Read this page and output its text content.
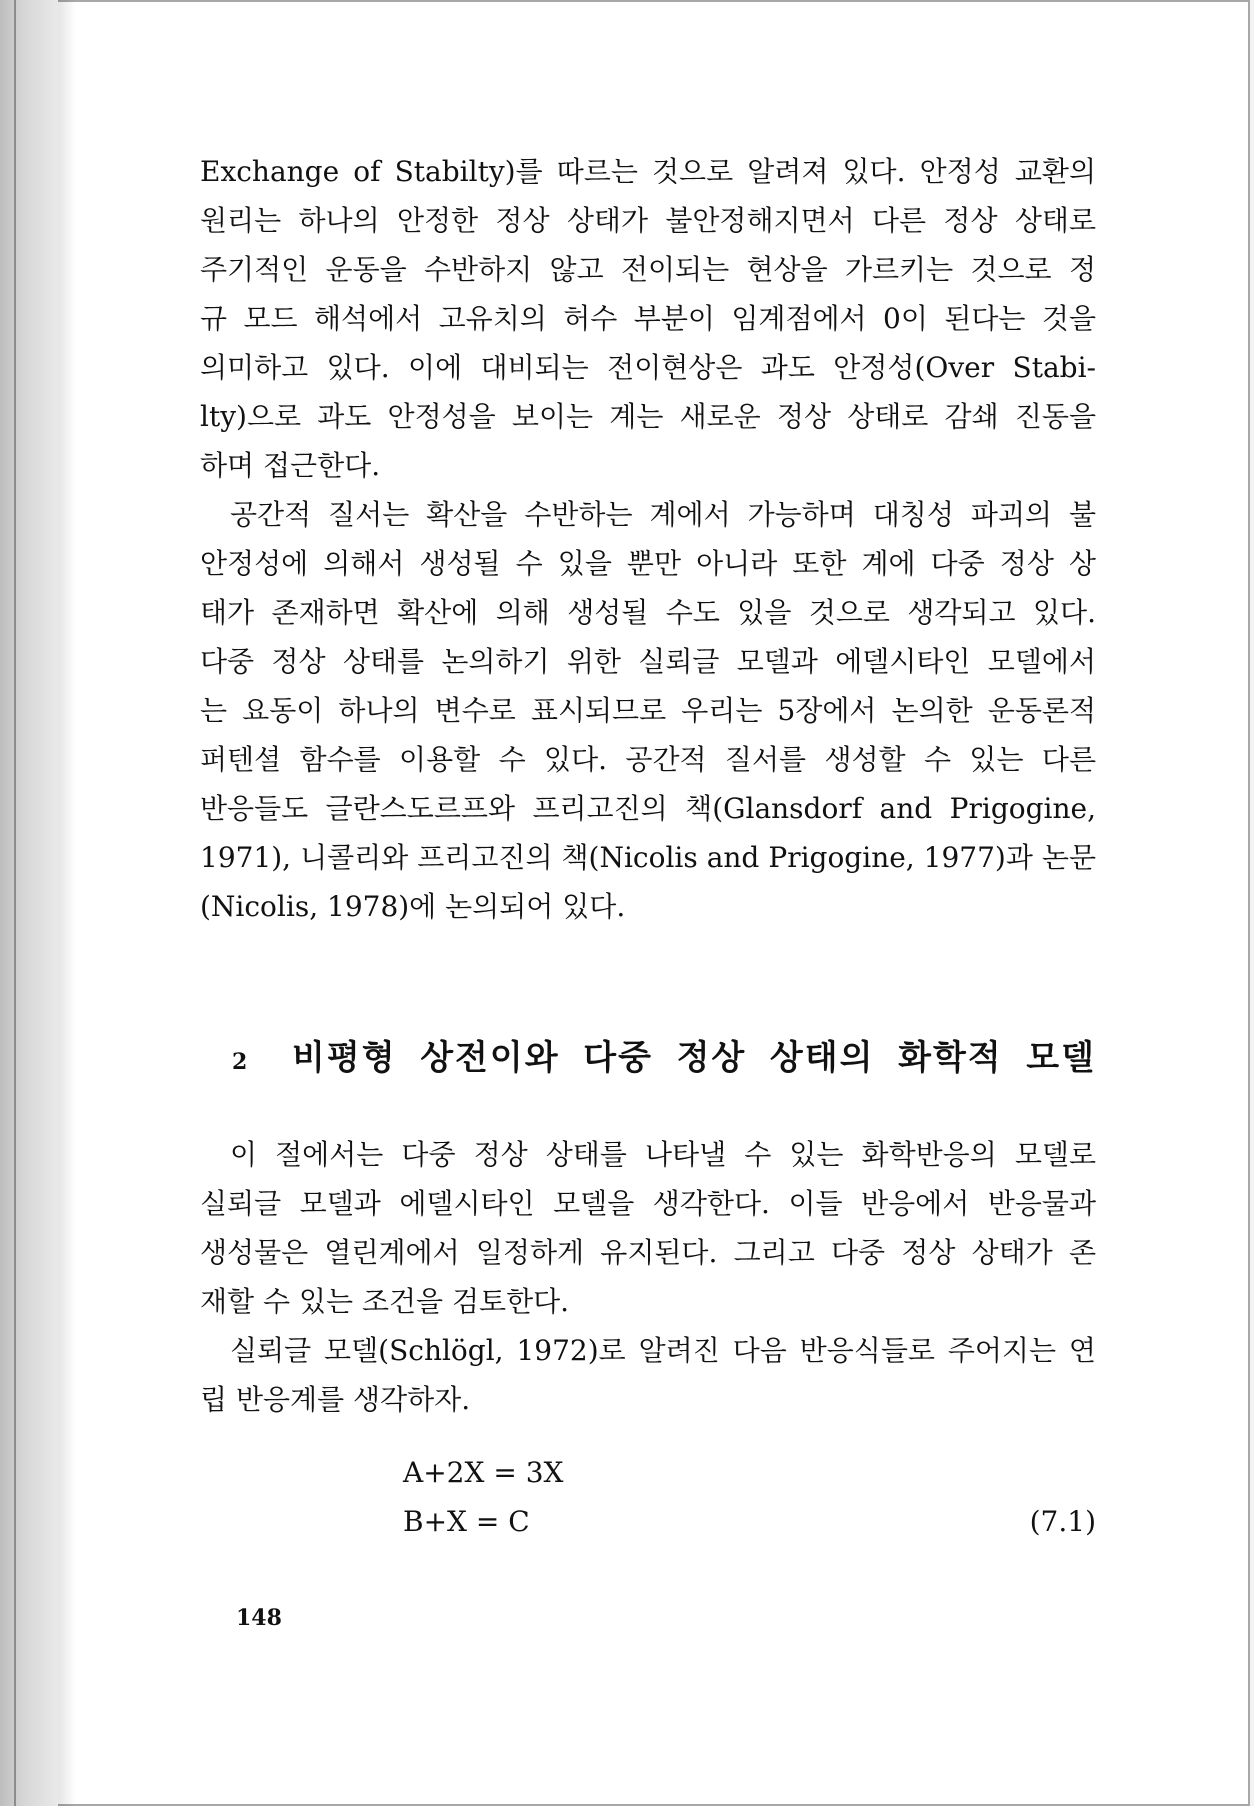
Exchange of Stabilty)를 따르는 것으로 알려져 있다. 안정성 교환의
원리는 하나의 안정한 정상 상태가 불안정해지면서 다른 정상 상태로
주기적인 운동을 수반하지 않고 전이되는 현상을 가르키는 것으로 정
규 모드 해석에서 고유치의 허수 부분이 임계점에서 0이 된다는 것을
의미하고 있다. 이에 대비되는 전이현상은 과도 안정성(Over Stabi-
lty)으로 과도 안정성을 보이는 계는 새로운 정상 상태로 감쇄 진동을
하며 접근한다.
공간적 질서는 확산을 수반하는 계에서 가능하며 대칭성 파괴의 불
안정성에 의해서 생성될 수 있을 뿐만 아니라 또한 계에 다중 정상 상
태가 존재하면 확산에 의해 생성될 수도 있을 것으로 생각되고 있다.
다중 정상 상태를 논의하기 위한 실뢰글 모델과 에델시타인 모델에서
는 요동이 하나의 변수로 표시되므로 우리는 5장에서 논의한 운동론적
퍼텐셜 함수를 이용할 수 있다. 공간적 질서를 생성할 수 있는 다른
반응들도 글란스도르프와 프리고진의 책(Glansdorf and Prigogine,
1971), 니콜리와 프리고진의 책(Nicolis and Prigogine, 1977)과 논문
(Nicolis, 1978)에 논의되어 있다.
2	비평형 상전이와 다중 정상 상태의 화학적 모델
이 절에서는 다중 정상 상태를 나타낼 수 있는 화학반응의 모델로
실뢰글 모델과 에델시타인 모델을 생각한다. 이들 반응에서 반응물과
생성물은 열린계에서 일정하게 유지된다. 그리고 다중 정상 상태가 존
재할 수 있는 조건을 검토한다.
실뢰글 모델(Schlögl, 1972)로 알려진 다음 반응식들로 주어지는 연
립 반응계를 생각하자.
A+2X = 3X
B+X = C	(7.1)
148
